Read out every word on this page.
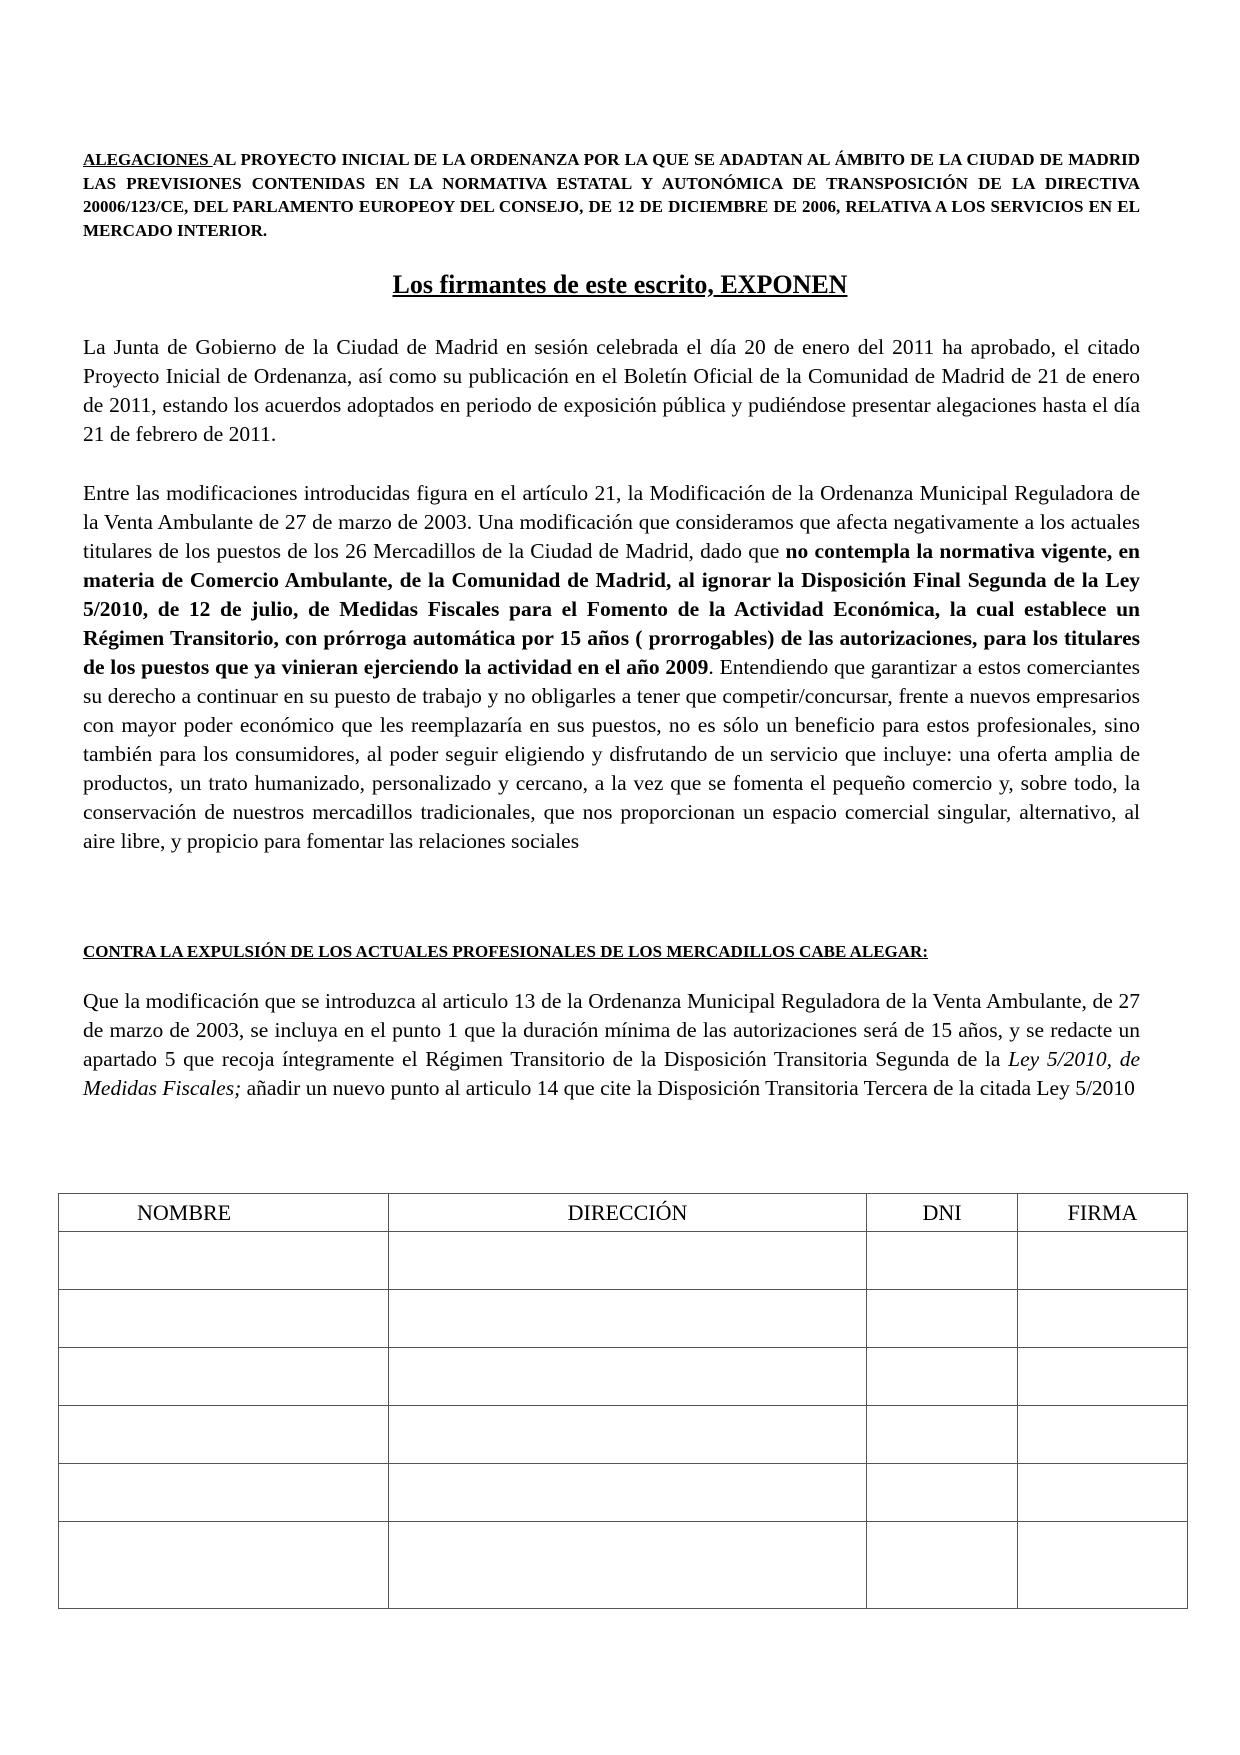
ALEGACIONES AL PROYECTO INICIAL DE LA ORDENANZA POR LA QUE SE ADADTAN AL ÁMBITO DE LA CIUDAD DE MADRID LAS PREVISIONES CONTENIDAS EN LA NORMATIVA ESTATAL Y AUTONÓMICA DE TRANSPOSICIÓN DE LA DIRECTIVA 20006/123/CE, DEL PARLAMENTO EUROPEOY DEL CONSEJO, DE 12 DE DICIEMBRE DE 2006, RELATIVA A LOS SERVICIOS EN EL MERCADO INTERIOR.
Los firmantes de este escrito, EXPONEN
La Junta de Gobierno de la Ciudad de Madrid en sesión celebrada el día 20 de enero del 2011 ha aprobado, el citado Proyecto Inicial de Ordenanza, así como su publicación en el Boletín Oficial de la Comunidad de Madrid de 21 de enero de 2011, estando los acuerdos adoptados en periodo de exposición pública y pudiéndose presentar alegaciones hasta el día 21 de febrero de 2011.
Entre las modificaciones introducidas figura en el artículo 21, la Modificación de la Ordenanza Municipal Reguladora de la Venta Ambulante de 27 de marzo de 2003. Una modificación que consideramos que afecta negativamente a los actuales titulares de los puestos de los 26 Mercadillos de la Ciudad de Madrid, dado que no contempla la normativa vigente, en materia de Comercio Ambulante, de la Comunidad de Madrid, al ignorar la Disposición Final Segunda de la Ley 5/2010, de 12 de julio, de Medidas Fiscales para el Fomento de la Actividad Económica, la cual establece un Régimen Transitorio, con prórroga automática por 15 años ( prorrogables) de las autorizaciones, para los titulares de los puestos que ya vinieran ejerciendo la actividad en el año 2009. Entendiendo que garantizar a estos comerciantes su derecho a continuar en su puesto de trabajo y no obligarles a tener que competir/concursar, frente a nuevos empresarios con mayor poder económico que les reemplazaría en sus puestos, no es sólo un beneficio para estos profesionales, sino también para los consumidores, al poder seguir eligiendo y disfrutando de un servicio que incluye: una oferta amplia de productos, un trato humanizado, personalizado y cercano, a la vez que se fomenta el pequeño comercio y, sobre todo, la conservación de nuestros mercadillos tradicionales, que nos proporcionan un espacio comercial singular, alternativo, al aire libre, y propicio para fomentar las relaciones sociales
CONTRA LA EXPULSIÓN DE LOS ACTUALES PROFESIONALES DE LOS MERCADILLOS CABE ALEGAR:
Que la modificación que se introduzca al articulo 13 de la Ordenanza Municipal Reguladora de la Venta Ambulante, de 27 de marzo de 2003, se incluya en el punto 1 que la duración mínima de las autorizaciones será de 15 años, y se redacte un apartado 5 que recoja íntegramente el Régimen Transitorio de la Disposición Transitoria Segunda de la Ley 5/2010, de Medidas Fiscales; añadir un nuevo punto al articulo 14 que cite la Disposición Transitoria Tercera de la citada Ley 5/2010
NOMBRE	DIRECCIÓN	DNI	FIRMA
